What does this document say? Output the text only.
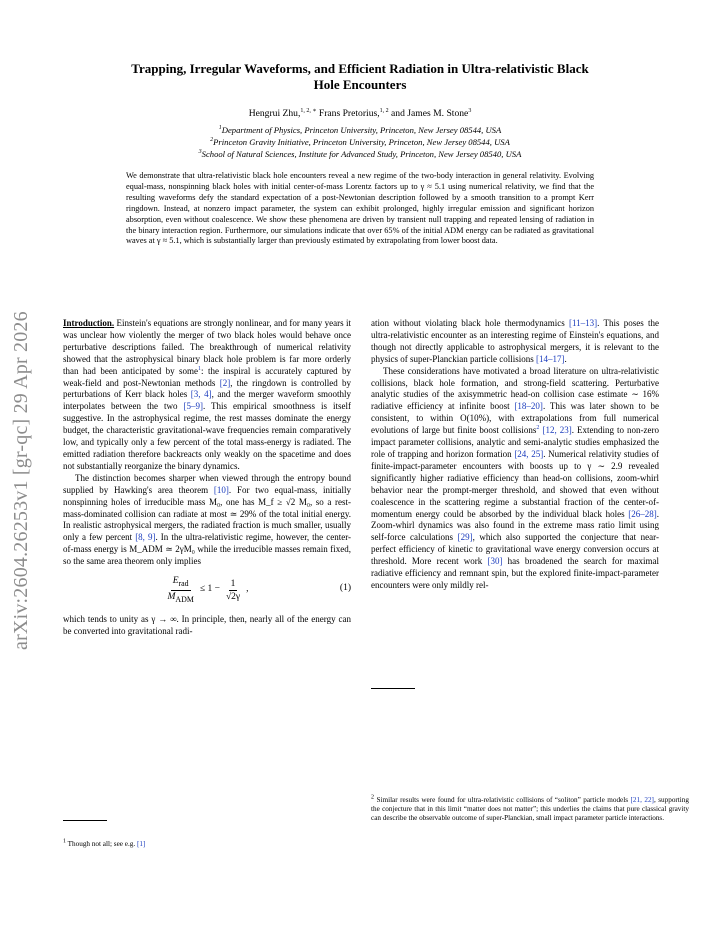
arXiv:2604.26253v1 [gr-qc] 29 Apr 2026
Trapping, Irregular Waveforms, and Efficient Radiation in Ultra-relativistic Black
Hole Encounters
Hengrui Zhu,$^{1, 2, ∗}$ Frans Pretorius,$^{1, 2}$ and James M. Stone$^3$
$^1$Department of Physics, Princeton University, Princeton, New Jersey 08544, USA
$^2$Princeton Gravity Initiative, Princeton University, Princeton, New Jersey 08544, USA
$^3$School of Natural Sciences, Institute for Advanced Study, Princeton, New Jersey 08540, USA
We demonstrate that ultra-relativistic black hole encounters reveal a new regime of the two-body interaction in general relativity. Evolving equal-mass, nonspinning black holes with initial center-of-mass Lorentz factors up to γ ≈ 5.1 using numerical relativity, we find that the resulting waveforms defy the standard expectation of a post-Newtonian description followed by a smooth transition to a prompt Kerr ringdown. Instead, at nonzero impact parameter, the system can exhibit prolonged, highly irregular emission and significant horizon absorption, even without coalescence. We show these phenomena are driven by transient null trapping and repeated lensing of radiation in the binary interaction region. Furthermore, our simulations indicate that over 65% of the initial ADM energy can be radiated as gravitational waves at γ ≈ 5.1, which is substantially larger than previously estimated by extrapolating from lower boost data.

Introduction. Einstein's equations are strongly nonlinear, and for many years it was unclear how violently the merger of two black holes would behave once perturbative descriptions failed. The breakthrough of numerical relativity showed that the astrophysical binary black hole problem is far more orderly than had been anticipated by some$^1$: the inspiral is accurately captured by weak-field and post-Newtonian methods [2], the ringdown is controlled by perturbations of Kerr black holes [3, 4], and the merger waveform smoothly interpolates between the two [5–9]. This empirical smoothness is itself suggestive. In the astrophysical regime, the rest masses dominate the energy budget, the characteristic gravitational-wave frequencies remain comparatively low, and typically only a few percent of the total mass-energy is radiated. The emitted radiation therefore backreacts only weakly on the spacetime and does not substantially reorganize the binary dynamics.

The distinction becomes sharper when viewed through the entropy bound supplied by Hawking's area theorem [10]. For two equal-mass, initially nonspinning holes of irreducible mass M₀, one has M_f ≥ √2 M₀, so a rest-mass-dominated collision can radiate at most ≃ 29% of the total initial energy. In realistic astrophysical mergers, the radiated fraction is much smaller, usually only a few percent [8, 9]. In the ultra-relativistic regime, however, the center-of-mass energy is M_ADM ≃ 2γM₀ while the irreducible masses remain fixed, so the same area theorem only implies

$\frac{E_{rad}}{M_{ADM}} \le 1 - \frac{1}{√2\gamma}$ ,	(1)

which tends to unity as γ → ∞. In principle, then, nearly all of the energy can be converted into gravitational radi-

ation without violating black hole thermodynamics [11–13]. This poses the ultra-relativistic encounter as an interesting regime of Einstein's equations, and though not directly applicable to astrophysical mergers, it is relevant to the physics of super-Planckian particle collisions [14–17].

These considerations have motivated a broad literature on ultra-relativistic collisions, black hole formation, and strong-field scattering. Perturbative analytic studies of the axisymmetric head-on collision case estimate ∼ 16% radiative efficiency at infinite boost [18–20]. This was later shown to be consistent, to within O(10%), with extrapolations from full numerical evolutions of large but finite boost collisions$^2$ [12, 23]. Extending to non-zero impact parameter collisions, analytic and semi-analytic studies emphasized the role of trapping and horizon formation [24, 25]. Numerical relativity studies of finite-impact-parameter encounters with boosts up to γ ∼ 2.9 revealed significantly higher radiative efficiency than head-on collisions, zoom-whirl behavior near the prompt-merger threshold, and showed that even without coalescence in the scattering regime a substantial fraction of the center-of-momentum energy could be absorbed by the individual black holes [26–28]. Zoom-whirl dynamics was also found in the extreme mass ratio limit using self-force calculations [29], which also supported the conjecture that near-perfect efficiency of kinetic to gravitational wave energy conversion occurs at threshold. More recent work [30] has broadened the search for maximal radiative efficiency and remnant spin, but the explored finite-impact-parameter encounters were only mildly rel-

$^1$ Though not all; see e.g. [1]
$^2$ Similar results were found for ultra-relativistic collisions of “soliton” particle models [21, 22], supporting the conjecture that in this limit “matter does not matter”; this underlies the claims that pure classical gravity can describe the observable outcome of super-Planckian, small impact parameter particle interactions.
